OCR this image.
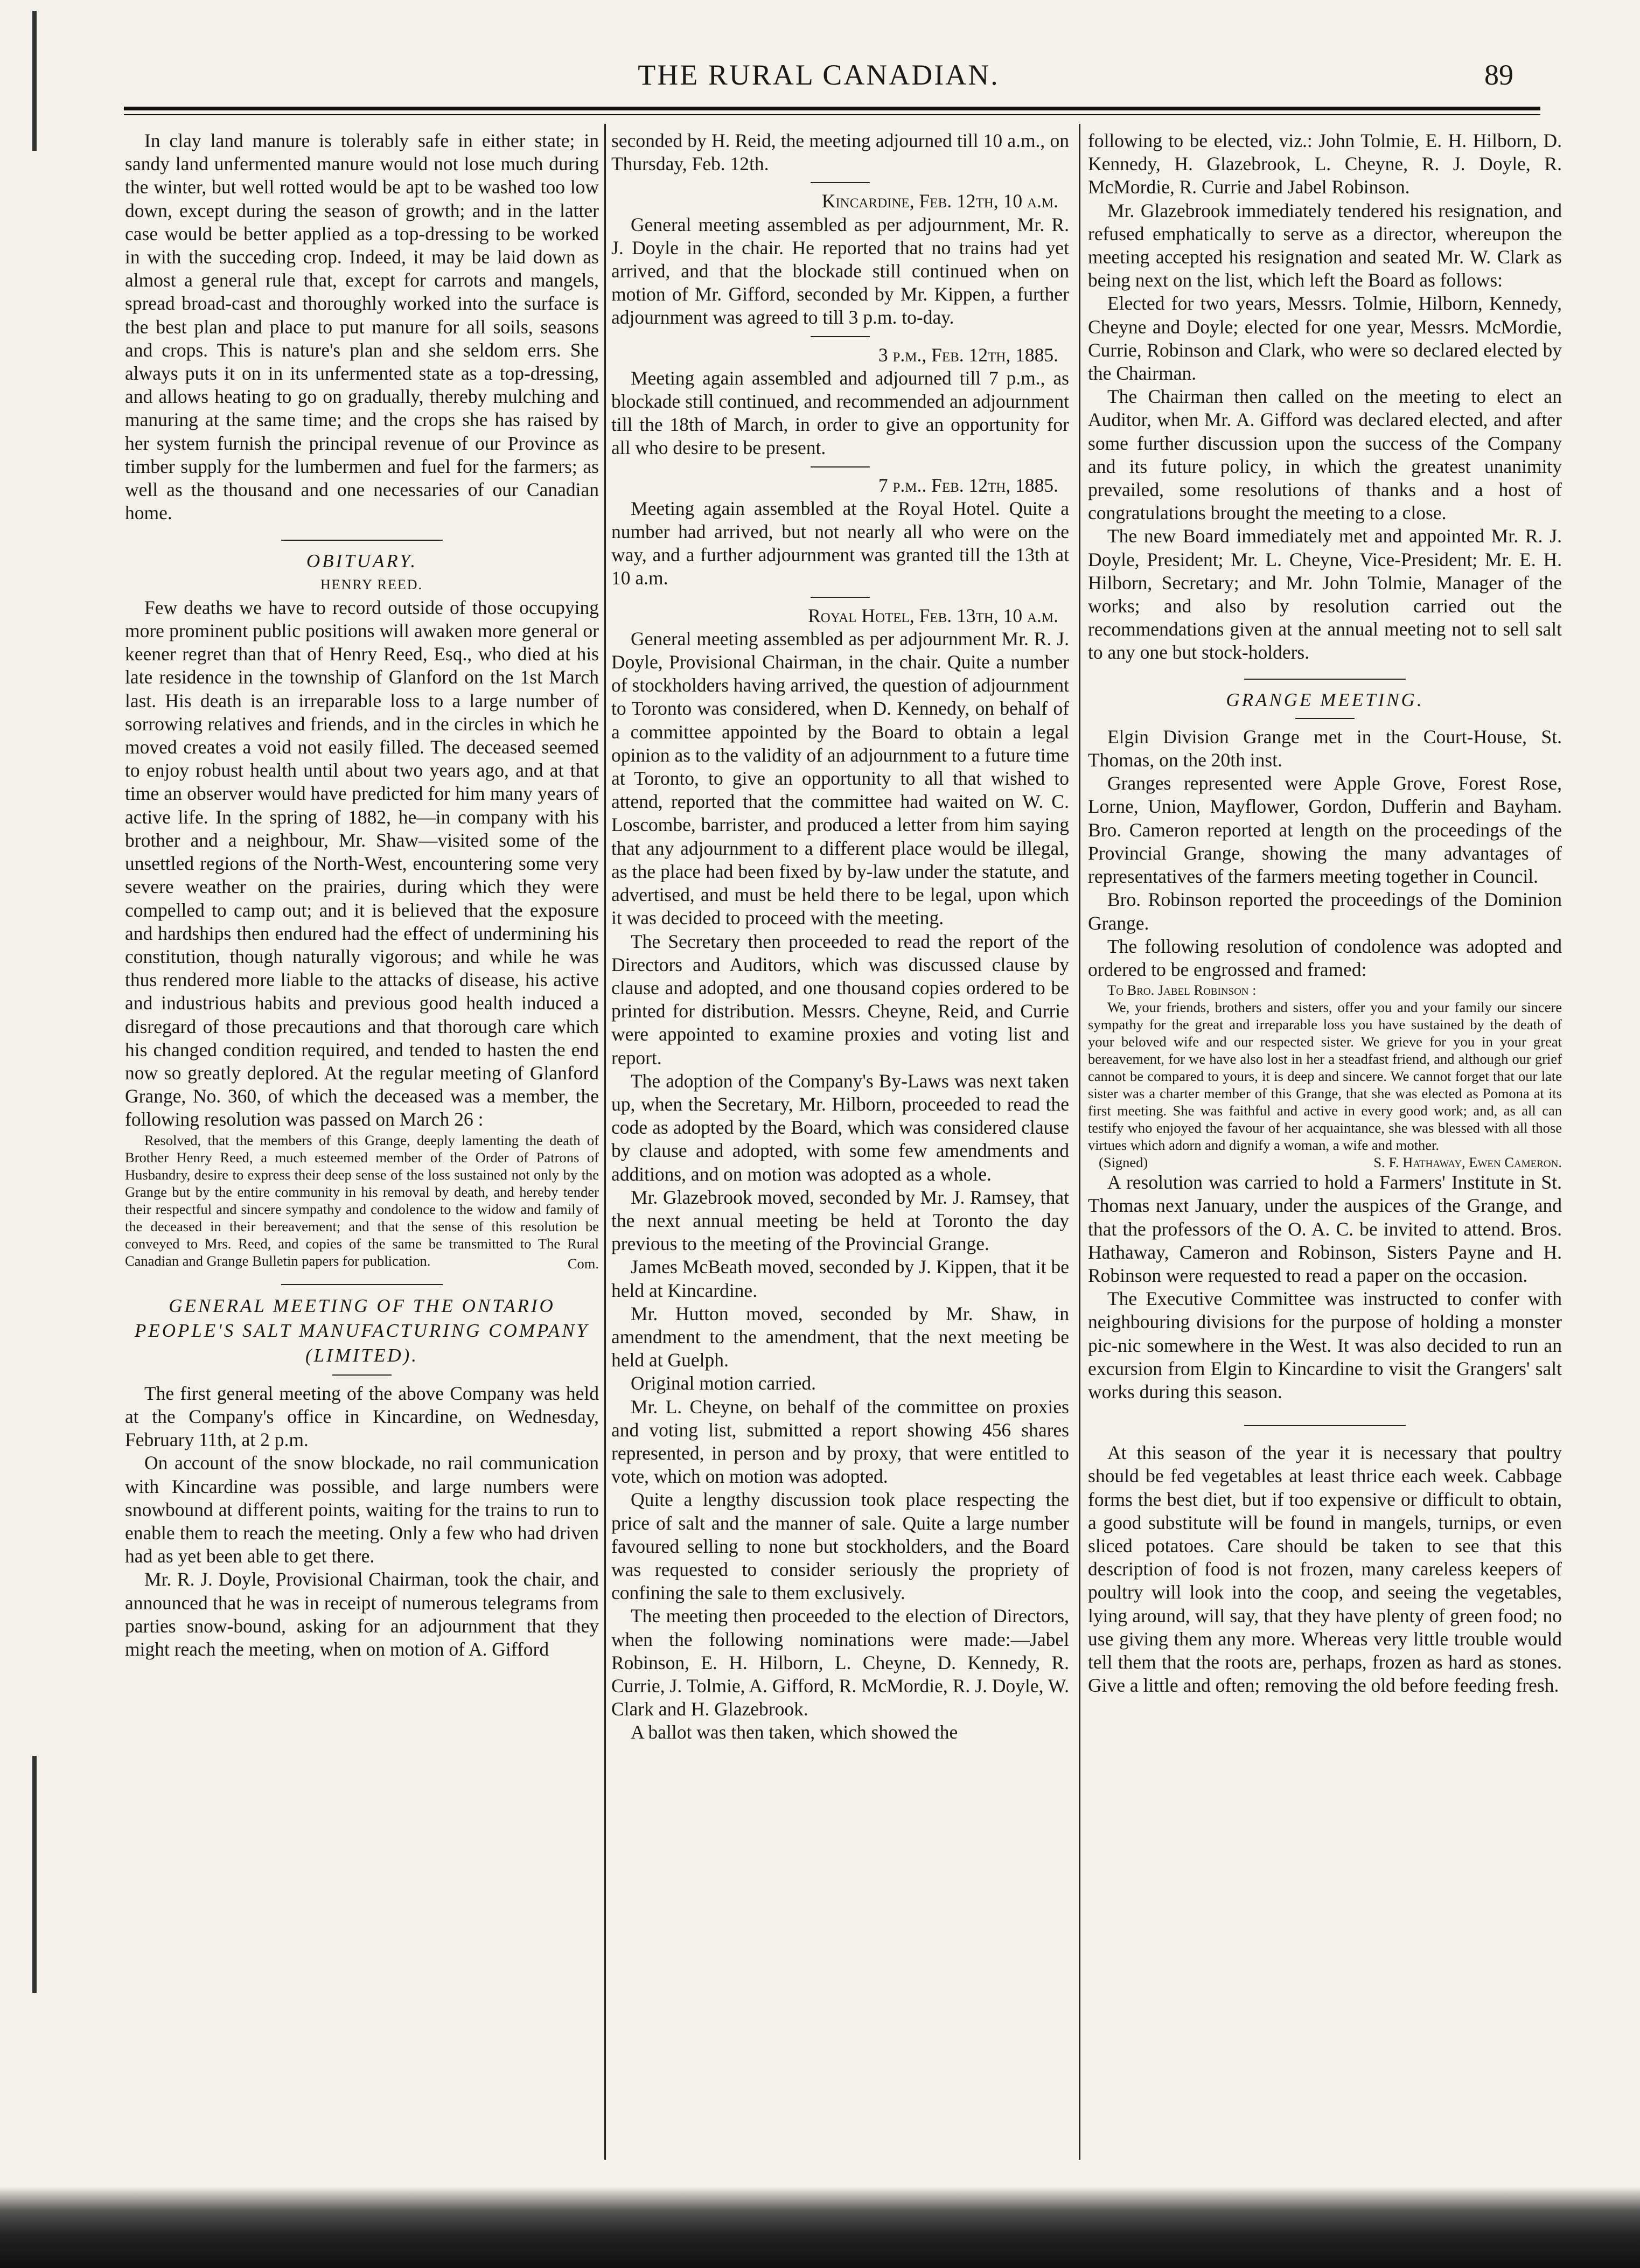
THE RURAL CANADIAN.	89

In clay land manure is tolerably safe in either state; in sandy land unfermented manure would not lose much during the winter, but well rotted would be apt to be washed too low down, except during the season of growth; and in the latter case would be better applied as a top-dressing to be worked in with the succeding crop. Indeed, it may be laid down as almost a general rule that, except for carrots and mangels, spread broad-cast and thoroughly worked into the surface is the best plan and place to put manure for all soils, seasons and crops. This is nature's plan and she seldom errs. She always puts it on in its unfermented state as a top-dressing, and allows heating to go on gradually, thereby mulching and manuring at the same time; and the crops she has raised by her system furnish the principal revenue of our Province as timber supply for the lumbermen and fuel for the farmers; as well as the thousand and one necessaries of our Canadian home.

OBITUARY.

HENRY REED.

Few deaths we have to record outside of those occupying more prominent public positions will awaken more general or keener regret than that of Henry Reed, Esq., who died at his late residence in the township of Glanford on the 1st March last. His death is an irreparable loss to a large number of sorrowing relatives and friends, and in the circles in which he moved creates a void not easily filled. The deceased seemed to enjoy robust health until about two years ago, and at that time an observer would have predicted for him many years of active life. In the spring of 1882, he—in company with his brother and a neighbour, Mr. Shaw—visited some of the unsettled regions of the North-West, encountering some very severe weather on the prairies, during which they were compelled to camp out; and it is believed that the exposure and hardships then endured had the effect of undermining his constitution, though naturally vigorous; and while he was thus rendered more liable to the attacks of disease, his active and industrious habits and previous good health induced a disregard of those precautions and that thorough care which his changed condition required, and tended to hasten the end now so greatly deplored. At the regular meeting of Glanford Grange, No. 360, of which the deceased was a member, the following resolution was passed on March 26 :

Resolved, that the members of this Grange, deeply lamenting the death of Brother Henry Reed, a much esteemed member of the Order of Patrons of Husbandry, desire to express their deep sense of the loss sustained not only by the Grange but by the entire community in his removal by death, and hereby tender their respectful and sincere sympathy and condolence to the widow and family of the deceased in their bereavement; and that the sense of this resolution be conveyed to Mrs. Reed, and copies of the same be transmitted to The Rural Canadian and Grange Bulletin papers for publication.	Com.

GENERAL MEETING OF THE ONTARIO PEOPLE'S SALT MANUFACTURING COMPANY (LIMITED).

The first general meeting of the above Company was held at the Company's office in Kincardine, on Wednesday, February 11th, at 2 p.m.

On account of the snow blockade, no rail communication with Kincardine was possible, and large numbers were snowbound at different points, waiting for the trains to run to enable them to reach the meeting. Only a few who had driven had as yet been able to get there.

Mr. R. J. Doyle, Provisional Chairman, took the chair, and announced that he was in receipt of numerous telegrams from parties snow-bound, asking for an adjournment that they might reach the meeting, when on motion of A. Gifford

seconded by H. Reid, the meeting adjourned till 10 a.m., on Thursday, Feb. 12th.

Kincardine, Feb. 12th, 10 a.m.

General meeting assembled as per adjournment, Mr. R. J. Doyle in the chair. He reported that no trains had yet arrived, and that the blockade still continued when on motion of Mr. Gifford, seconded by Mr. Kippen, a further adjournment was agreed to till 3 p.m. to-day.

3 p.m., Feb. 12th, 1885.

Meeting again assembled and adjourned till 7 p.m., as blockade still continued, and recommended an adjournment till the 18th of March, in order to give an opportunity for all who desire to be present.

7 p.m.. Feb. 12th, 1885.

Meeting again assembled at the Royal Hotel. Quite a number had arrived, but not nearly all who were on the way, and a further adjournment was granted till the 13th at 10 a.m.

Royal Hotel, Feb. 13th, 10 a.m.

General meeting assembled as per adjournment Mr. R. J. Doyle, Provisional Chairman, in the chair. Quite a number of stockholders having arrived, the question of adjournment to Toronto was considered, when D. Kennedy, on behalf of a committee appointed by the Board to obtain a legal opinion as to the validity of an adjournment to a future time at Toronto, to give an opportunity to all that wished to attend, reported that the committee had waited on W. C. Loscombe, barrister, and produced a letter from him saying that any adjournment to a different place would be illegal, as the place had been fixed by by-law under the statute, and advertised, and must be held there to be legal, upon which it was decided to proceed with the meeting.

The Secretary then proceeded to read the report of the Directors and Auditors, which was discussed clause by clause and adopted, and one thousand copies ordered to be printed for distribution. Messrs. Cheyne, Reid, and Currie were appointed to examine proxies and voting list and report.

The adoption of the Company's By-Laws was next taken up, when the Secretary, Mr. Hilborn, proceeded to read the code as adopted by the Board, which was considered clause by clause and adopted, with some few amendments and additions, and on motion was adopted as a whole.

Mr. Glazebrook moved, seconded by Mr. J. Ramsey, that the next annual meeting be held at Toronto the day previous to the meeting of the Provincial Grange.

James McBeath moved, seconded by J. Kippen, that it be held at Kincardine.

Mr. Hutton moved, seconded by Mr. Shaw, in amendment to the amendment, that the next meeting be held at Guelph.

Original motion carried.

Mr. L. Cheyne, on behalf of the committee on proxies and voting list, submitted a report showing 456 shares represented, in person and by proxy, that were entitled to vote, which on motion was adopted.

Quite a lengthy discussion took place respecting the price of salt and the manner of sale. Quite a large number favoured selling to none but stockholders, and the Board was requested to consider seriously the propriety of confining the sale to them exclusively.

The meeting then proceeded to the election of Directors, when the following nominations were made:—Jabel Robinson, E. H. Hilborn, L. Cheyne, D. Kennedy, R. Currie, J. Tolmie, A. Gifford, R. McMordie, R. J. Doyle, W. Clark and H. Glazebrook.

A ballot was then taken, which showed the

following to be elected, viz.: John Tolmie, E. H. Hilborn, D. Kennedy, H. Glazebrook, L. Cheyne, R. J. Doyle, R. McMordie, R. Currie and Jabel Robinson.

Mr. Glazebrook immediately tendered his resignation, and refused emphatically to serve as a director, whereupon the meeting accepted his resignation and seated Mr. W. Clark as being next on the list, which left the Board as follows:

Elected for two years, Messrs. Tolmie, Hilborn, Kennedy, Cheyne and Doyle; elected for one year, Messrs. McMordie, Currie, Robinson and Clark, who were so declared elected by the Chairman.

The Chairman then called on the meeting to elect an Auditor, when Mr. A. Gifford was declared elected, and after some further discussion upon the success of the Company and its future policy, in which the greatest unanimity prevailed, some resolutions of thanks and a host of congratulations brought the meeting to a close.

The new Board immediately met and appointed Mr. R. J. Doyle, President; Mr. L. Cheyne, Vice-President; Mr. E. H. Hilborn, Secretary; and Mr. John Tolmie, Manager of the works; and also by resolution carried out the recommendations given at the annual meeting not to sell salt to any one but stock-holders.

GRANGE MEETING.

Elgin Division Grange met in the Court-House, St. Thomas, on the 20th inst.

Granges represented were Apple Grove, Forest Rose, Lorne, Union, Mayflower, Gordon, Dufferin and Bayham. Bro. Cameron reported at length on the proceedings of the Provincial Grange, showing the many advantages of representatives of the farmers meeting together in Council.

Bro. Robinson reported the proceedings of the Dominion Grange.

The following resolution of condolence was adopted and ordered to be engrossed and framed:

To Bro. Jabel Robinson :

We, your friends, brothers and sisters, offer you and your family our sincere sympathy for the great and irreparable loss you have sustained by the death of your beloved wife and our respected sister. We grieve for you in your great bereavement, for we have also lost in her a steadfast friend, and although our grief cannot be compared to yours, it is deep and sincere. We cannot forget that our late sister was a charter member of this Grange, that she was elected as Pomona at its first meeting. She was faithful and active in every good work; and, as all can testify who enjoyed the favour of her acquaintance, she was blessed with all those virtues which adorn and dignify a woman, a wife and mother.

(Signed)	S. F. Hathaway, Ewen Cameron.

A resolution was carried to hold a Farmers' Institute in St. Thomas next January, under the auspices of the Grange, and that the professors of the O. A. C. be invited to attend. Bros. Hathaway, Cameron and Robinson, Sisters Payne and H. Robinson were requested to read a paper on the occasion.

The Executive Committee was instructed to confer with neighbouring divisions for the purpose of holding a monster pic-nic somewhere in the West. It was also decided to run an excursion from Elgin to Kincardine to visit the Grangers' salt works during this season.

At this season of the year it is necessary that poultry should be fed vegetables at least thrice each week. Cabbage forms the best diet, but if too expensive or difficult to obtain, a good substitute will be found in mangels, turnips, or even sliced potatoes. Care should be taken to see that this description of food is not frozen, many careless keepers of poultry will look into the coop, and seeing the vegetables, lying around, will say, that they have plenty of green food; no use giving them any more. Whereas very little trouble would tell them that the roots are, perhaps, frozen as hard as stones. Give a little and often; removing the old before feeding fresh.
